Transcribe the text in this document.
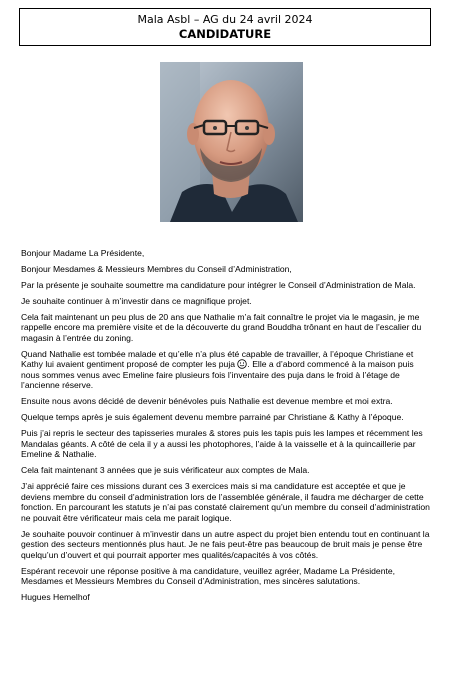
Mala Asbl – AG du 24 avril 2024
CANDIDATURE

Bonjour Madame La Présidente,

Bonjour Mesdames & Messieurs Membres du Conseil d’Administration,

Par la présente je souhaite soumettre ma candidature pour intégrer le Conseil d’Administration de Mala.

Je souhaite continuer à m’investir dans ce magnifique projet.

Cela fait maintenant un peu plus de 20 ans que Nathalie m’a fait connaître le projet via le magasin, je me rappelle encore ma première visite et de la découverte du grand Bouddha trônant en haut de l’escalier du magasin à l’entrée du zoning.

Quand Nathalie est tombée malade et qu’elle n’a plus été capable de travailler, à l’époque Christiane et Kathy lui avaient gentiment proposé de compter les puja . Elle a d’abord commencé à la maison puis nous sommes venus avec Emeline faire plusieurs fois l’inventaire des puja dans le froid à l’étage de l’ancienne réserve.

Ensuite nous avons décidé de devenir bénévoles puis Nathalie est devenue membre et moi extra.

Quelque temps après je suis également devenu membre parrainé par Christiane & Kathy à l’époque.

Puis j’ai repris le secteur des tapisseries murales & stores puis les tapis puis les lampes et récemment les Mandalas géants. A côté de cela il y a aussi les photophores, l’aide à la vaisselle et à la quincaillerie par Emeline & Nathalie.

Cela fait maintenant 3 années que je suis vérificateur aux comptes de Mala.

J’ai apprécié faire ces missions durant ces 3 exercices mais si ma candidature est acceptée et que je deviens membre du conseil d’administration lors de l’assemblée générale, il faudra me décharger de cette fonction. En parcourant les statuts je n’ai pas constaté clairement qu’un membre du conseil d’administration ne pouvait être vérificateur mais cela me parait logique.

Je souhaite pouvoir continuer à m’investir dans un autre aspect du projet bien entendu tout en continuant la gestion des secteurs mentionnés plus haut. Je ne fais peut-être pas beaucoup de bruit mais je pense être quelqu’un d’ouvert et qui pourrait apporter mes qualités/capacités à vos côtés.

Espérant recevoir une réponse positive à ma candidature, veuillez agréer, Madame La Présidente, Mesdames et Messieurs Membres du Conseil d’Administration, mes sincères salutations.

Hugues Hemelhof
